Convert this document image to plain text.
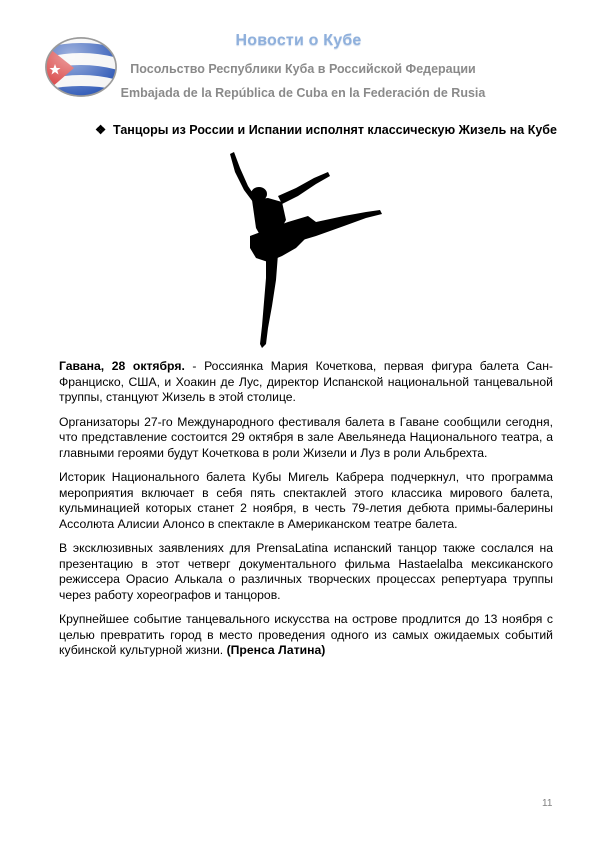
Новости о Кубе
Посольство Республики Куба в Российской Федерации
Embajada de la República de Cuba en la Federación de Rusia
❖ Танцоры из России и Испании исполнят классическую Жизель на Кубе

Гавана, 28 октября. - Россиянка Мария Кочеткова, первая фигура балета Сан-Франциско, США, и Хоакин де Лус, директор Испанской национальной танцевальной труппы, станцуют Жизель в этой столице.

Организаторы 27-го Международного фестиваля балета в Гаване сообщили сегодня, что представление состоится 29 октября в зале Авельянеда Национального театра, а главными героями будут Кочеткова в роли Жизели и Луз в роли Альбрехта.

Историк Национального балета Кубы Мигель Кабрера подчеркнул, что программа мероприятия включает в себя пять спектаклей этого классика мирового балета, кульминацией которых станет 2 ноября, в честь 79-летия дебюта примы-балерины Ассолюта Алисии Алонсо в спектакле в Американском театре балета.

В эксклюзивных заявлениях для PrensaLatina испанский танцор также сослался на презентацию в этот четверг документального фильма Hastaelalba мексиканского режиссера Орасио Алькала о различных творческих процессах репертуара труппы через работу хореографов и танцоров.

Крупнейшее событие танцевального искусства на острове продлится до 13 ноября с целью превратить город в место проведения одного из самых ожидаемых событий кубинской культурной жизни. (Пренса Латина)

11
